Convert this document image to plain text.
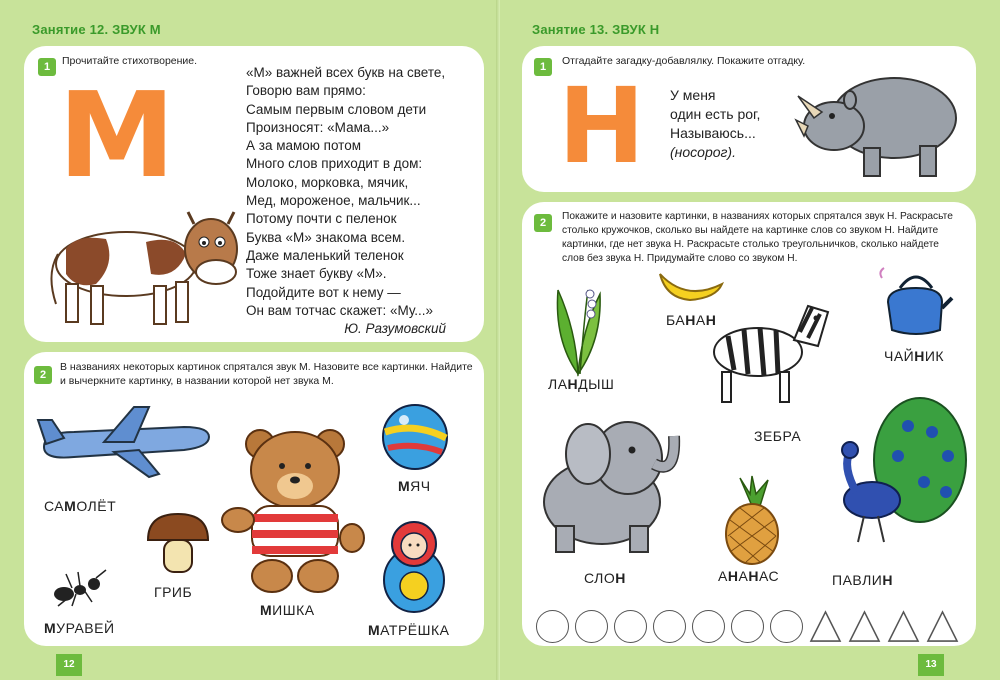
Занятие 12. ЗВУК М
1	Прочитайте стихотворение.
М	«М» важней всех букв на свете,
Говорю вам прямо:
Самым первым словом дети
Произносят: «Мама...»
А за мамою потом
Много слов приходит в дом:
Молоко, морковка, мячик,
Мед, мороженое, мальчик...
Потому почти с пеленок
Буква «М» знакома всем.
Даже маленький теленок
Тоже знает букву «М».
Подойдите вот к нему —
Он вам тотчас скажет: «Му...»
Ю. Разумовский
2
В названиях некоторых картинок спрятался звук М. Назовите все картинки. Найдите
и вычеркните картинку, в названии которой нет звука М.
САМОЛЁТ
ГРИБ
МУРАВЕЙ
МИШКА
МЯЧ
МАТРЁШКА
12
Занятие 13. ЗВУК Н
1	Отгадайте загадку-добавлялку. Покажите отгадку.
Н У меня
один есть рог,
Называюсь...
(носорог).
2
Покажите и назовите картинки, в названиях которых спрятался звук Н. Раскрасьте
столько кружочков, сколько вы найдете на картинке слов со звуком Н. Найдите
картинки, где нет звука Н. Раскрасьте столько треугольничков, сколько найдете
слов без звука Н. Придумайте слово со звуком Н.
ЛАНДЫШ
БАНАН
ЧАЙНИК
ЗЕБРА
СЛОН	АНАНАС	ПАВЛИН
13
